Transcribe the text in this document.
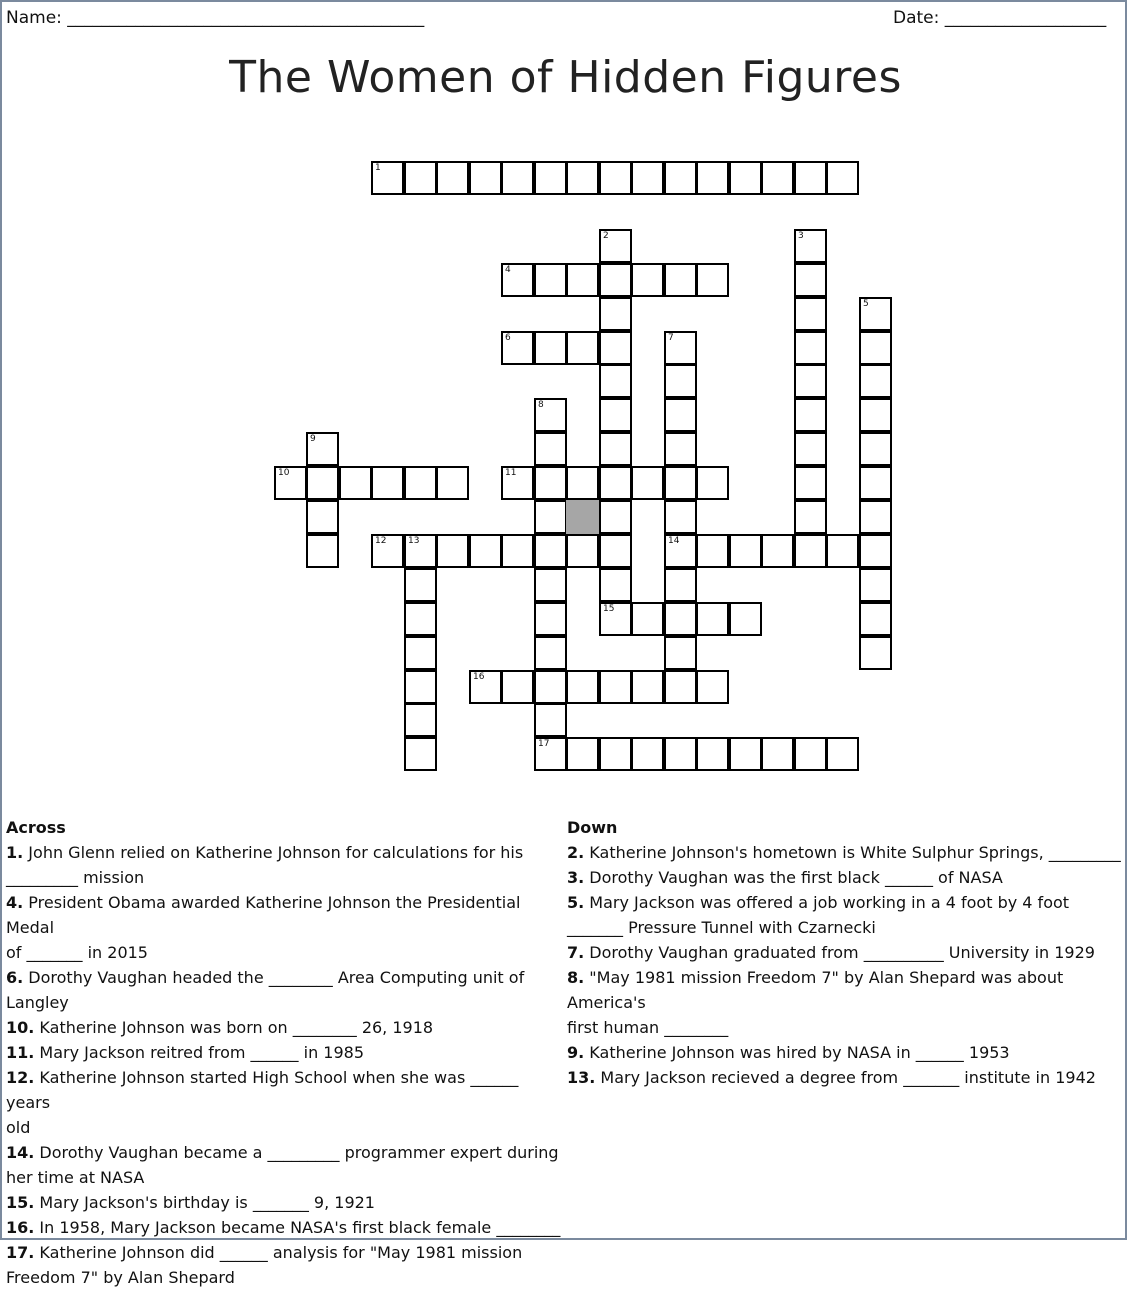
Name: __________________________________________	Date: ___________________
The Women of Hidden Figures
1
2
15
3
4
5
6	7
14
8
17
9
10	11
12 13
16
Across
1. John Glenn relied on Katherine Johnson for calculations for his
_________ mission
4. President Obama awarded Katherine Johnson the Presidential Medal
of _______ in 2015
6. Dorothy Vaughan headed the ________ Area Computing unit of
Langley
10. Katherine Johnson was born on ________ 26, 1918
11. Mary Jackson reitred from ______ in 1985
12. Katherine Johnson started High School when she was ______ years
old
14. Dorothy Vaughan became a _________ programmer expert during
her time at NASA
15. Mary Jackson's birthday is _______ 9, 1921
16. In 1958, Mary Jackson became NASA's first black female ________
17. Katherine Johnson did ______ analysis for "May 1981 mission
Freedom 7" by Alan Shepard
Down
2. Katherine Johnson's hometown is White Sulphur Springs, _________
3. Dorothy Vaughan was the first black ______ of NASA
5. Mary Jackson was offered a job working in a 4 foot by 4 foot
_______ Pressure Tunnel with Czarnecki
7. Dorothy Vaughan graduated from __________ University in 1929
8. "May 1981 mission Freedom 7" by Alan Shepard was about America's
first human ________
9. Katherine Johnson was hired by NASA in ______ 1953
13. Mary Jackson recieved a degree from _______ institute in 1942
